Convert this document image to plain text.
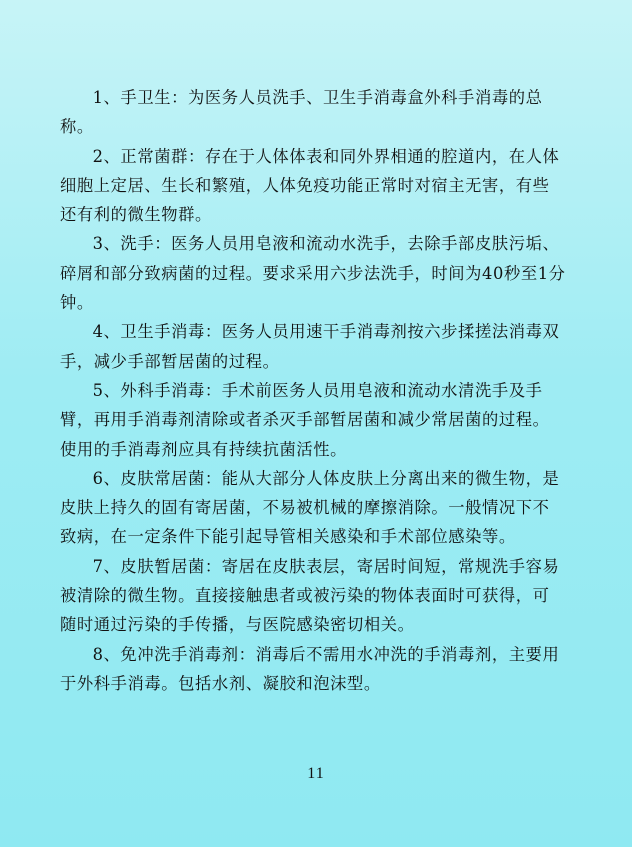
1、手卫生：为医务人员洗手、卫生手消毒盒外科手消毒的总称。

2、正常菌群：存在于人体体表和同外界相通的腔道内，在人体细胞上定居、生长和繁殖，人体免疫功能正常时对宿主无害，有些还有利的微生物群。

3、洗手：医务人员用皂液和流动水洗手，去除手部皮肤污垢、碎屑和部分致病菌的过程。要求采用六步法洗手，时间为40秒至1分钟。

4、卫生手消毒：医务人员用速干手消毒剂按六步揉搓法消毒双手，减少手部暂居菌的过程。

5、外科手消毒：手术前医务人员用皂液和流动水清洗手及手臂，再用手消毒剂清除或者杀灭手部暂居菌和减少常居菌的过程。使用的手消毒剂应具有持续抗菌活性。

6、皮肤常居菌：能从大部分人体皮肤上分离出来的微生物，是皮肤上持久的固有寄居菌，不易被机械的摩擦消除。一般情况下不致病，在一定条件下能引起导管相关感染和手术部位感染等。

7、皮肤暂居菌：寄居在皮肤表层，寄居时间短，常规洗手容易被清除的微生物。直接接触患者或被污染的物体表面时可获得，可随时通过污染的手传播，与医院感染密切相关。

8、免冲洗手消毒剂：消毒后不需用水冲洗的手消毒剂，主要用于外科手消毒。包括水剂、凝胶和泡沫型。

11
